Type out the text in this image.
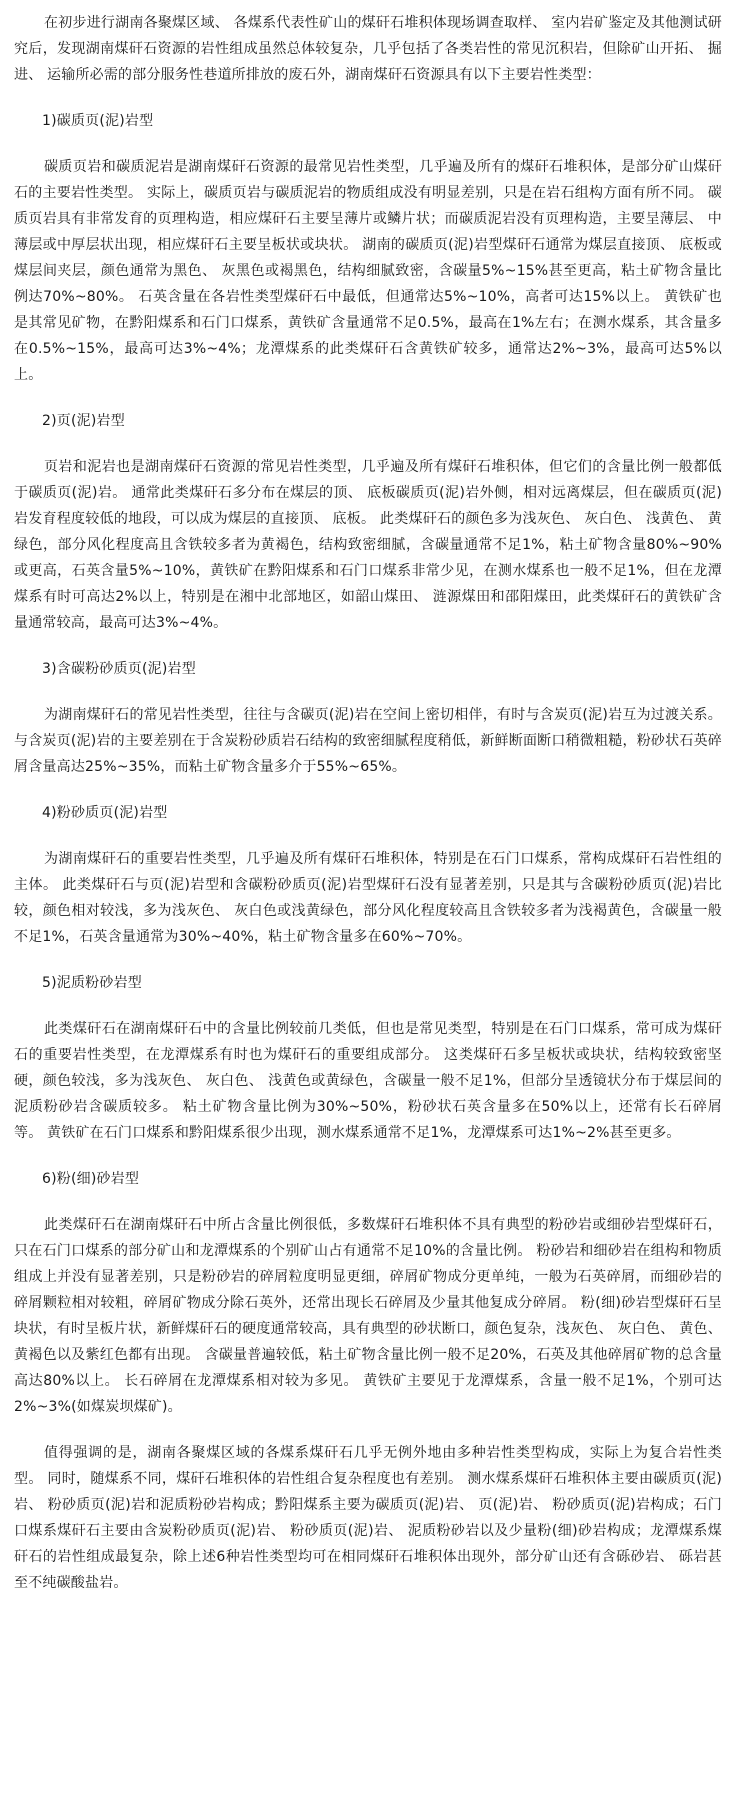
在初步进行湖南各聚煤区域、 各煤系代表性矿山的煤矸石堆积体现场调查取样、 室内岩矿鉴定及其他测试研究后，发现湖南煤矸石资源的岩性组成虽然总体较复杂，几乎包括了各类岩性的常见沉积岩，但除矿山开拓、 掘进、 运输所必需的部分服务性巷道所排放的废石外，湖南煤矸石资源具有以下主要岩性类型：

1)碳质页(泥)岩型

碳质页岩和碳质泥岩是湖南煤矸石资源的最常见岩性类型，几乎遍及所有的煤矸石堆积体，是部分矿山煤矸石的主要岩性类型。 实际上，碳质页岩与碳质泥岩的物质组成没有明显差别，只是在岩石组构方面有所不同。 碳质页岩具有非常发育的页理构造，相应煤矸石主要呈薄片或鳞片状；而碳质泥岩没有页理构造，主要呈薄层、 中薄层或中厚层状出现，相应煤矸石主要呈板状或块状。 湖南的碳质页(泥)岩型煤矸石通常为煤层直接顶、 底板或煤层间夹层，颜色通常为黑色、 灰黑色或褐黑色，结构细腻致密，含碳量5%~15%甚至更高，粘土矿物含量比例达70%~80%。 石英含量在各岩性类型煤矸石中最低，但通常达5%~10%，高者可达15%以上。 黄铁矿也是其常见矿物，在黔阳煤系和石门口煤系，黄铁矿含量通常不足0.5%，最高在1%左右；在测水煤系，其含量多在0.5%~15%，最高可达3%~4%；龙潭煤系的此类煤矸石含黄铁矿较多，通常达2%~3%，最高可达5%以上。

2)页(泥)岩型

页岩和泥岩也是湖南煤矸石资源的常见岩性类型，几乎遍及所有煤矸石堆积体，但它们的含量比例一般都低于碳质页(泥)岩。 通常此类煤矸石多分布在煤层的顶、 底板碳质页(泥)岩外侧，相对远离煤层，但在碳质页(泥)岩发育程度较低的地段，可以成为煤层的直接顶、 底板。 此类煤矸石的颜色多为浅灰色、 灰白色、 浅黄色、 黄绿色，部分风化程度高且含铁较多者为黄褐色，结构致密细腻，含碳量通常不足1%，粘土矿物含量80%~90%或更高，石英含量5%~10%，黄铁矿在黔阳煤系和石门口煤系非常少见，在测水煤系也一般不足1%，但在龙潭煤系有时可高达2%以上，特别是在湘中北部地区，如韶山煤田、 涟源煤田和邵阳煤田，此类煤矸石的黄铁矿含量通常较高，最高可达3%~4%。

3)含碳粉砂质页(泥)岩型

为湖南煤矸石的常见岩性类型，往往与含碳页(泥)岩在空间上密切相伴，有时与含炭页(泥)岩互为过渡关系。 与含炭页(泥)岩的主要差别在于含炭粉砂质岩石结构的致密细腻程度稍低，新鲜断面断口稍微粗糙，粉砂状石英碎屑含量高达25%~35%，而粘土矿物含量多介于55%~65%。

4)粉砂质页(泥)岩型

为湖南煤矸石的重要岩性类型，几乎遍及所有煤矸石堆积体，特别是在石门口煤系，常构成煤矸石岩性组的主体。 此类煤矸石与页(泥)岩型和含碳粉砂质页(泥)岩型煤矸石没有显著差别，只是其与含碳粉砂质页(泥)岩比较，颜色相对较浅，多为浅灰色、 灰白色或浅黄绿色，部分风化程度较高且含铁较多者为浅褐黄色，含碳量一般不足1%，石英含量通常为30%~40%，粘土矿物含量多在60%~70%。

5)泥质粉砂岩型

此类煤矸石在湖南煤矸石中的含量比例较前几类低，但也是常见类型，特别是在石门口煤系，常可成为煤矸石的重要岩性类型，在龙潭煤系有时也为煤矸石的重要组成部分。 这类煤矸石多呈板状或块状，结构较致密坚硬，颜色较浅，多为浅灰色、 灰白色、 浅黄色或黄绿色，含碳量一般不足1%，但部分呈透镜状分布于煤层间的泥质粉砂岩含碳质较多。 粘土矿物含量比例为30%~50%，粉砂状石英含量多在50%以上，还常有长石碎屑等。 黄铁矿在石门口煤系和黔阳煤系很少出现，测水煤系通常不足1%，龙潭煤系可达1%~2%甚至更多。

6)粉(细)砂岩型

此类煤矸石在湖南煤矸石中所占含量比例很低，多数煤矸石堆积体不具有典型的粉砂岩或细砂岩型煤矸石，只在石门口煤系的部分矿山和龙潭煤系的个别矿山占有通常不足10%的含量比例。 粉砂岩和细砂岩在组构和物质组成上并没有显著差别，只是粉砂岩的碎屑粒度明显更细，碎屑矿物成分更单纯，一般为石英碎屑，而细砂岩的碎屑颗粒相对较粗，碎屑矿物成分除石英外，还常出现长石碎屑及少量其他复成分碎屑。 粉(细)砂岩型煤矸石呈块状，有时呈板片状，新鲜煤矸石的硬度通常较高，具有典型的砂状断口，颜色复杂，浅灰色、 灰白色、 黄色、 黄褐色以及紫红色都有出现。 含碳量普遍较低，粘土矿物含量比例一般不足20%，石英及其他碎屑矿物的总含量高达80%以上。 长石碎屑在龙潭煤系相对较为多见。 黄铁矿主要见于龙潭煤系，含量一般不足1%，个别可达2%~3%(如煤炭坝煤矿)。

值得强调的是，湖南各聚煤区域的各煤系煤矸石几乎无例外地由多种岩性类型构成，实际上为复合岩性类型。 同时，随煤系不同，煤矸石堆积体的岩性组合复杂程度也有差别。 测水煤系煤矸石堆积体主要由碳质页(泥)岩、 粉砂质页(泥)岩和泥质粉砂岩构成；黔阳煤系主要为碳质页(泥)岩、 页(泥)岩、 粉砂质页(泥)岩构成；石门口煤系煤矸石主要由含炭粉砂质页(泥)岩、 粉砂质页(泥)岩、 泥质粉砂岩以及少量粉(细)砂岩构成；龙潭煤系煤矸石的岩性组成最复杂，除上述6种岩性类型均可在相同煤矸石堆积体出现外，部分矿山还有含砾砂岩、 砾岩甚至不纯碳酸盐岩。
